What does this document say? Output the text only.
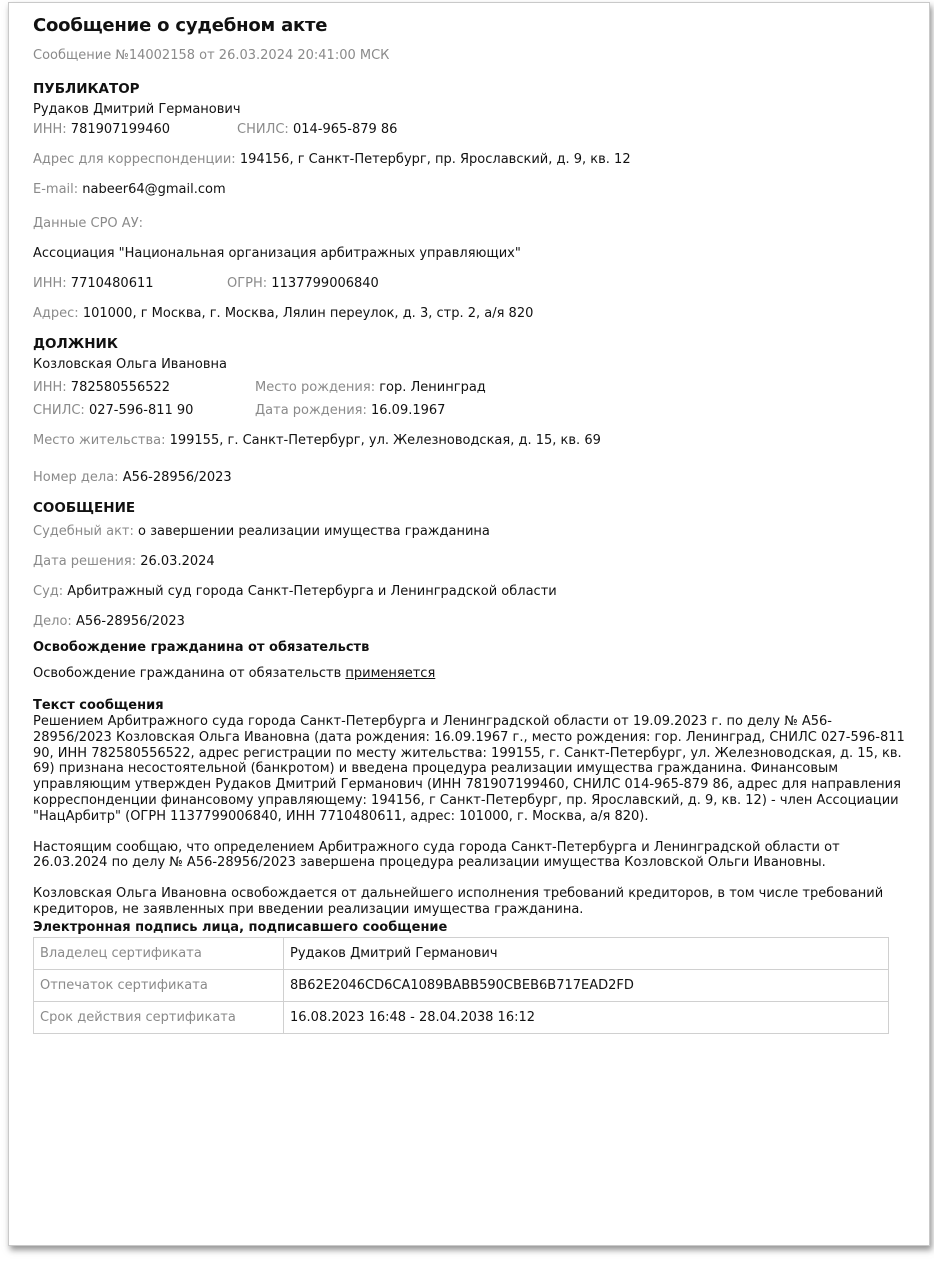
Сообщение о судебном акте
Сообщение №14002158 от 26.03.2024 20:41:00 МСК
ПУБЛИКАТОР
Рудаков Дмитрий Германович
ИНН: 781907199460	СНИЛС: 014-965-879 86
Адрес для корреспонденции: 194156, г Санкт-Петербург, пр. Ярославский, д. 9, кв. 12
E-mail: nabeer64@gmail.com
Данные СРО АУ:
Ассоциация "Национальная организация арбитражных управляющих"
ИНН: 7710480611	ОГРН: 1137799006840
Адрес: 101000, г Москва, г. Москва, Лялин переулок, д. 3, стр. 2, а/я 820
ДОЛЖНИК
Козловская Ольга Ивановна
ИНН: 782580556522	Место рождения: гор. Ленинград
СНИЛС: 027-596-811 90	Дата рождения: 16.09.1967
Место жительства: 199155, г. Санкт-Петербург, ул. Железноводская, д. 15, кв. 69
Номер дела: А56-28956/2023
СООБЩЕНИЕ
Судебный акт: о завершении реализации имущества гражданина
Дата решения: 26.03.2024
Суд: Арбитражный суд города Санкт-Петербурга и Ленинградской области
Дело: А56-28956/2023
Освобождение гражданина от обязательств
Освобождение гражданина от обязательств применяется
Текст сообщения

Решением Арбитражного суда города Санкт-Петербурга и Ленинградской области от 19.09.2023 г. по делу № А56-28956/2023 Козловская Ольга Ивановна (дата рождения: 16.09.1967 г., место рождения: гор. Ленинград, СНИЛС 027-596-811 90, ИНН 782580556522, адрес регистрации по месту жительства: 199155, г. Санкт-Петербург, ул. Железноводская, д. 15, кв. 69) признана несостоятельной (банкротом) и введена процедура реализации имущества гражданина. Финансовым управляющим утвержден Рудаков Дмитрий Германович (ИНН 781907199460, СНИЛС 014-965-879 86, адрес для направления корреспонденции финансовому управляющему: 194156, г Санкт-Петербург, пр. Ярославский, д. 9, кв. 12) - член Ассоциации "НацАрбитр" (ОГРН 1137799006840, ИНН 7710480611, адрес: 101000, г. Москва, а/я 820).

Настоящим сообщаю, что определением Арбитражного суда города Санкт-Петербурга и Ленинградской области от 26.03.2024 по делу № А56-28956/2023 завершена процедура реализации имущества Козловской Ольги Ивановны.

Козловская Ольга Ивановна освобождается от дальнейшего исполнения требований кредиторов, в том числе требований кредиторов, не заявленных при введении реализации имущества гражданина.

Электронная подпись лица, подписавшего сообщение
Владелец сертификата	Рудаков Дмитрий Германович
Отпечаток сертификата	8B62E2046CD6CA1089BABB590CBEB6B717EAD2FD
Срок действия сертификата	16.08.2023 16:48 - 28.04.2038 16:12
